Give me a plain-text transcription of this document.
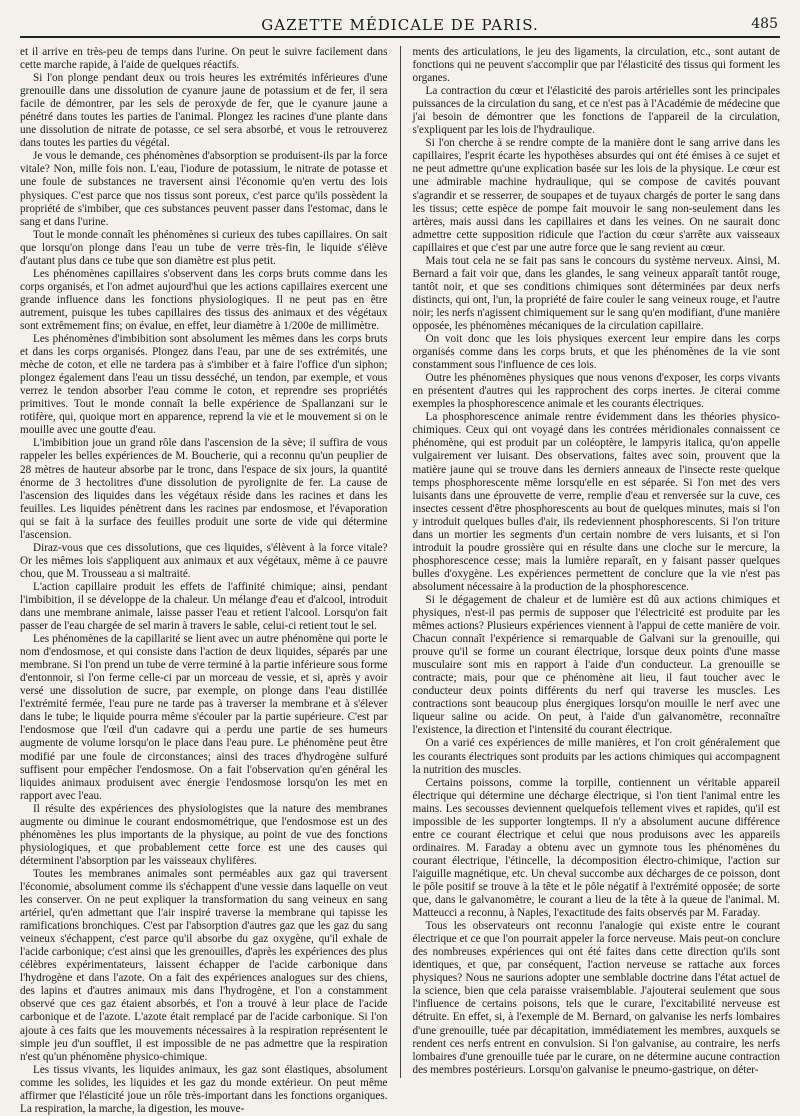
GAZETTE MÉDICALE DE PARIS.	485

et il arrive en très-peu de temps dans l'urine. On peut le suivre facilement dans cette marche rapide, à l'aide de quelques réactifs.

Si l'on plonge pendant deux ou trois heures les extrémités inférieures d'une grenouille dans une dissolution de cyanure jaune de potassium et de fer, il sera facile de démontrer, par les sels de peroxyde de fer, que le cyanure jaune a pénétré dans toutes les parties de l'animal. Plongez les racines d'une plante dans une dissolution de nitrate de potasse, ce sel sera absorbé, et vous le retrouverez dans toutes les parties du végétal.

Je vous le demande, ces phénomènes d'absorption se produisent-ils par la force vitale? Non, mille fois non. L'eau, l'iodure de potassium, le nitrate de potasse et une foule de substances ne traversent ainsi l'économie qu'en vertu des lois physiques. C'est parce que nos tissus sont poreux, c'est parce qu'ils possèdent la propriété de s'imbiber, que ces substances peuvent passer dans l'estomac, dans le sang et dans l'urine.

Tout le monde connaît les phénomènes si curieux des tubes capillaires. On sait que lorsqu'on plonge dans l'eau un tube de verre très-fin, le liquide s'élève d'autant plus dans ce tube que son diamètre est plus petit.

Les phénomènes capillaires s'observent dans les corps bruts comme dans les corps organisés, et l'on admet aujourd'hui que les actions capillaires exercent une grande influence dans les fonctions physiologiques. Il ne peut pas en être autrement, puisque les tubes capillaires des tissus des animaux et des végétaux sont extrêmement fins; on évalue, en effet, leur diamètre à 1/200e de millimètre.

Les phénomènes d'imbibition sont absolument les mêmes dans les corps bruts et dans les corps organisés. Plongez dans l'eau, par une de ses extrémités, une mèche de coton, et elle ne tardera pas à s'imbiber et à faire l'office d'un siphon; plongez également dans l'eau un tissu desséché, un tendon, par exemple, et vous verrez le tendon absorber l'eau comme le coton, et reprendre ses propriétés primitives. Tout le monde connaît la belle expérience de Spallanzani sur le rotifère, qui, quoique mort en apparence, reprend la vie et le mouvement si on le mouille avec une goutte d'eau.

L'imbibition joue un grand rôle dans l'ascension de la sève; il suffira de vous rappeler les belles expériences de M. Boucherie, qui a reconnu qu'un peuplier de 28 mètres de hauteur absorbe par le tronc, dans l'espace de six jours, la quantité énorme de 3 hectolitres d'une dissolution de pyrolignite de fer. La cause de l'ascension des liquides dans les végétaux réside dans les racines et dans les feuilles. Les liquides pénètrent dans les racines par endosmose, et l'évaporation qui se fait à la surface des feuilles produit une sorte de vide qui détermine l'ascension.

Diraz-vous que ces dissolutions, que ces liquides, s'élèvent à la force vitale? Or les mêmes lois s'appliquent aux animaux et aux végétaux, même à ce pauvre chou, que M. Trousseau a si maltraité.

L'action capillaire produit les effets de l'affinité chimique; ainsi, pendant l'imbibition, il se développe de la chaleur. Un mélange d'eau et d'alcool, introduit dans une membrane animale, laisse passer l'eau et retient l'alcool. Lorsqu'on fait passer de l'eau chargée de sel marin à travers le sable, celui-ci retient tout le sel.

Les phénomènes de la capillarité se lient avec un autre phénomène qui porte le nom d'endosmose, et qui consiste dans l'action de deux liquides, séparés par une membrane. Si l'on prend un tube de verre terminé à la partie inférieure sous forme d'entonnoir, si l'on ferme celle-ci par un morceau de vessie, et si, après y avoir versé une dissolution de sucre, par exemple, on plonge dans l'eau distillée l'extrémité fermée, l'eau pure ne tarde pas à traverser la membrane et à s'élever dans le tube; le liquide pourra même s'écouler par la partie supérieure. C'est par l'endosmose que l'œil d'un cadavre qui a perdu une partie de ses humeurs augmente de volume lorsqu'on le place dans l'eau pure. Le phénomène peut être modifié par une foule de circonstances; ainsi des traces d'hydrogène sulfuré suffisent pour empêcher l'endosmose. On a fait l'observation qu'en général les liquides animaux produisent avec énergie l'endosmose lorsqu'on les met en rapport avec l'eau.

Il résulte des expériences des physiologistes que la nature des membranes augmente ou diminue le courant endosmométrique, que l'endosmose est un des phénomènes les plus importants de la physique, au point de vue des fonctions physiologiques, et que probablement cette force est une des causes qui déterminent l'absorption par les vaisseaux chylifères.

Toutes les membranes animales sont perméables aux gaz qui traversent l'économie, absolument comme ils s'échappent d'une vessie dans laquelle on veut les conserver. On ne peut expliquer la transformation du sang veineux en sang artériel, qu'en admettant que l'air inspiré traverse la membrane qui tapisse les ramifications bronchiques. C'est par l'absorption d'autres gaz que les gaz du sang veineux s'échappent, c'est parce qu'il absorbe du gaz oxygène, qu'il exhale de l'acide carbonique; c'est ainsi que les grenouilles, d'après les expériences des plus célèbres expérimentateurs, laissent échapper de l'acide carbonique dans l'hydrogène et dans l'azote. On a fait des expériences analogues sur des chiens, des lapins et d'autres animaux mis dans l'hydrogène, et l'on a constamment observé que ces gaz étaient absorbés, et l'on a trouvé à leur place de l'acide carbonique et de l'azote. L'azote était remplacé par de l'acide carbonique. Si l'on ajoute à ces faits que les mouvements nécessaires à la respiration représentent le simple jeu d'un soufflet, il est impossible de ne pas admettre que la respiration n'est qu'un phénomène physico-chimique.

Les tissus vivants, les liquides animaux, les gaz sont élastiques, absolument comme les solides, les liquides et les gaz du monde extérieur. On peut même affirmer que l'élasticité joue un rôle très-important dans les fonctions organiques. La respiration, la marche, la digestion, les mouve-

ments des articulations, le jeu des ligaments, la circulation, etc., sont autant de fonctions qui ne peuvent s'accomplir que par l'élasticité des tissus qui forment les organes.

La contraction du cœur et l'élasticité des parois artérielles sont les principales puissances de la circulation du sang, et ce n'est pas à l'Académie de médecine que j'ai besoin de démontrer que les fonctions de l'appareil de la circulation, s'expliquent par les lois de l'hydraulique.

Si l'on cherche à se rendre compte de la manière dont le sang arrive dans les capillaires, l'esprit écarte les hypothèses absurdes qui ont été émises à ce sujet et ne peut admettre qu'une explication basée sur les lois de la physique. Le cœur est une admirable machine hydraulique, qui se compose de cavités pouvant s'agrandir et se resserrer, de soupapes et de tuyaux chargés de porter le sang dans les tissus; cette espèce de pompe fait mouvoir le sang non-seulement dans les artères, mais aussi dans les capillaires et dans les veines. On ne saurait donc admettre cette supposition ridicule que l'action du cœur s'arrête aux vaisseaux capillaires et que c'est par une autre force que le sang revient au cœur.

Mais tout cela ne se fait pas sans le concours du système nerveux. Ainsi, M. Bernard a fait voir que, dans les glandes, le sang veineux apparaît tantôt rouge, tantôt noir, et que ses conditions chimiques sont déterminées par deux nerfs distincts, qui ont, l'un, la propriété de faire couler le sang veineux rouge, et l'autre noir; les nerfs n'agissent chimiquement sur le sang qu'en modifiant, d'une manière opposée, les phénomènes mécaniques de la circulation capillaire.

On voit donc que les lois physiques exercent leur empire dans les corps organisés comme dans les corps bruts, et que les phénomènes de la vie sont constamment sous l'influence de ces lois.

Outre les phénomènes physiques que nous venons d'exposer, les corps vivants en présentent d'autres qui les rapprochent des corps inertes. Je citerai comme exemples la phosphorescence animale et les courants électriques.

La phosphorescence animale rentre évidemment dans les théories physico-chimiques. Ceux qui ont voyagé dans les contrées méridionales connaissent ce phénomène, qui est produit par un coléoptère, le lampyris italica, qu'on appelle vulgairement ver luisant. Des observations, faites avec soin, prouvent que la matière jaune qui se trouve dans les derniers anneaux de l'insecte reste quelque temps phosphorescente même lorsqu'elle en est séparée. Si l'on met des vers luisants dans une éprouvette de verre, remplie d'eau et renversée sur la cuve, ces insectes cessent d'être phosphorescents au bout de quelques minutes, mais si l'on y introduit quelques bulles d'air, ils redeviennent phosphorescents. Si l'on triture dans un mortier les segments d'un certain nombre de vers luisants, et si l'on introduit la poudre grossière qui en résulte dans une cloche sur le mercure, la phosphorescence cesse; mais la lumière reparaît, en y faisant passer quelques bulles d'oxygène. Les expériences permettent de conclure que la vie n'est pas absolument nécessaire à la production de la phosphorescence.

Si le dégagement de chaleur et de lumière est dû aux actions chimiques et physiques, n'est-il pas permis de supposer que l'électricité est produite par les mêmes actions? Plusieurs expériences viennent à l'appui de cette manière de voir. Chacun connaît l'expérience si remarquable de Galvani sur la grenouille, qui prouve qu'il se forme un courant électrique, lorsque deux points d'une masse musculaire sont mis en rapport à l'aide d'un conducteur. La grenouille se contracte; mais, pour que ce phénomène ait lieu, il faut toucher avec le conducteur deux points différents du nerf qui traverse les muscles. Les contractions sont beaucoup plus énergiques lorsqu'on mouille le nerf avec une liqueur saline ou acide. On peut, à l'aide d'un galvanomètre, reconnaître l'existence, la direction et l'intensité du courant électrique.

On a varié ces expériences de mille manières, et l'on croit généralement que les courants électriques sont produits par les actions chimiques qui accompagnent la nutrition des muscles.

Certains poissons, comme la torpille, contiennent un véritable appareil électrique qui détermine une décharge électrique, si l'on tient l'animal entre les mains. Les secousses deviennent quelquefois tellement vives et rapides, qu'il est impossible de les supporter longtemps. Il n'y a absolument aucune différence entre ce courant électrique et celui que nous produisons avec les appareils ordinaires. M. Faraday a obtenu avec un gymnote tous les phénomènes du courant électrique, l'étincelle, la décomposition électro-chimique, l'action sur l'aiguille magnétique, etc. Un cheval succombe aux décharges de ce poisson, dont le pôle positif se trouve à la tête et le pôle négatif à l'extrémité opposée; de sorte que, dans le galvanomètre, le courant a lieu de la tête à la queue de l'animal. M. Matteucci a reconnu, à Naples, l'exactitude des faits observés par M. Faraday.

Tous les observateurs ont reconnu l'analogie qui existe entre le courant électrique et ce que l'on pourrait appeler la force nerveuse. Mais peut-on conclure des nombreuses expériences qui ont été faites dans cette direction qu'ils sont identiques, et que, par conséquent, l'action nerveuse se rattache aux forces physiques? Nous ne saurions adopter une semblable doctrine dans l'état actuel de la science, bien que cela paraisse vraisemblable. J'ajouterai seulement que sous l'influence de certains poisons, tels que le curare, l'excitabilité nerveuse est détruite. En effet, si, à l'exemple de M. Bernard, on galvanise les nerfs lombaires d'une grenouille, tuée par décapitation, immédiatement les membres, auxquels se rendent ces nerfs entrent en convulsion. Si l'on galvanise, au contraire, les nerfs lombaires d'une grenouille tuée par le curare, on ne détermine aucune contraction des membres postérieurs. Lorsqu'on galvanise le pneumo-gastrique, on déter-
